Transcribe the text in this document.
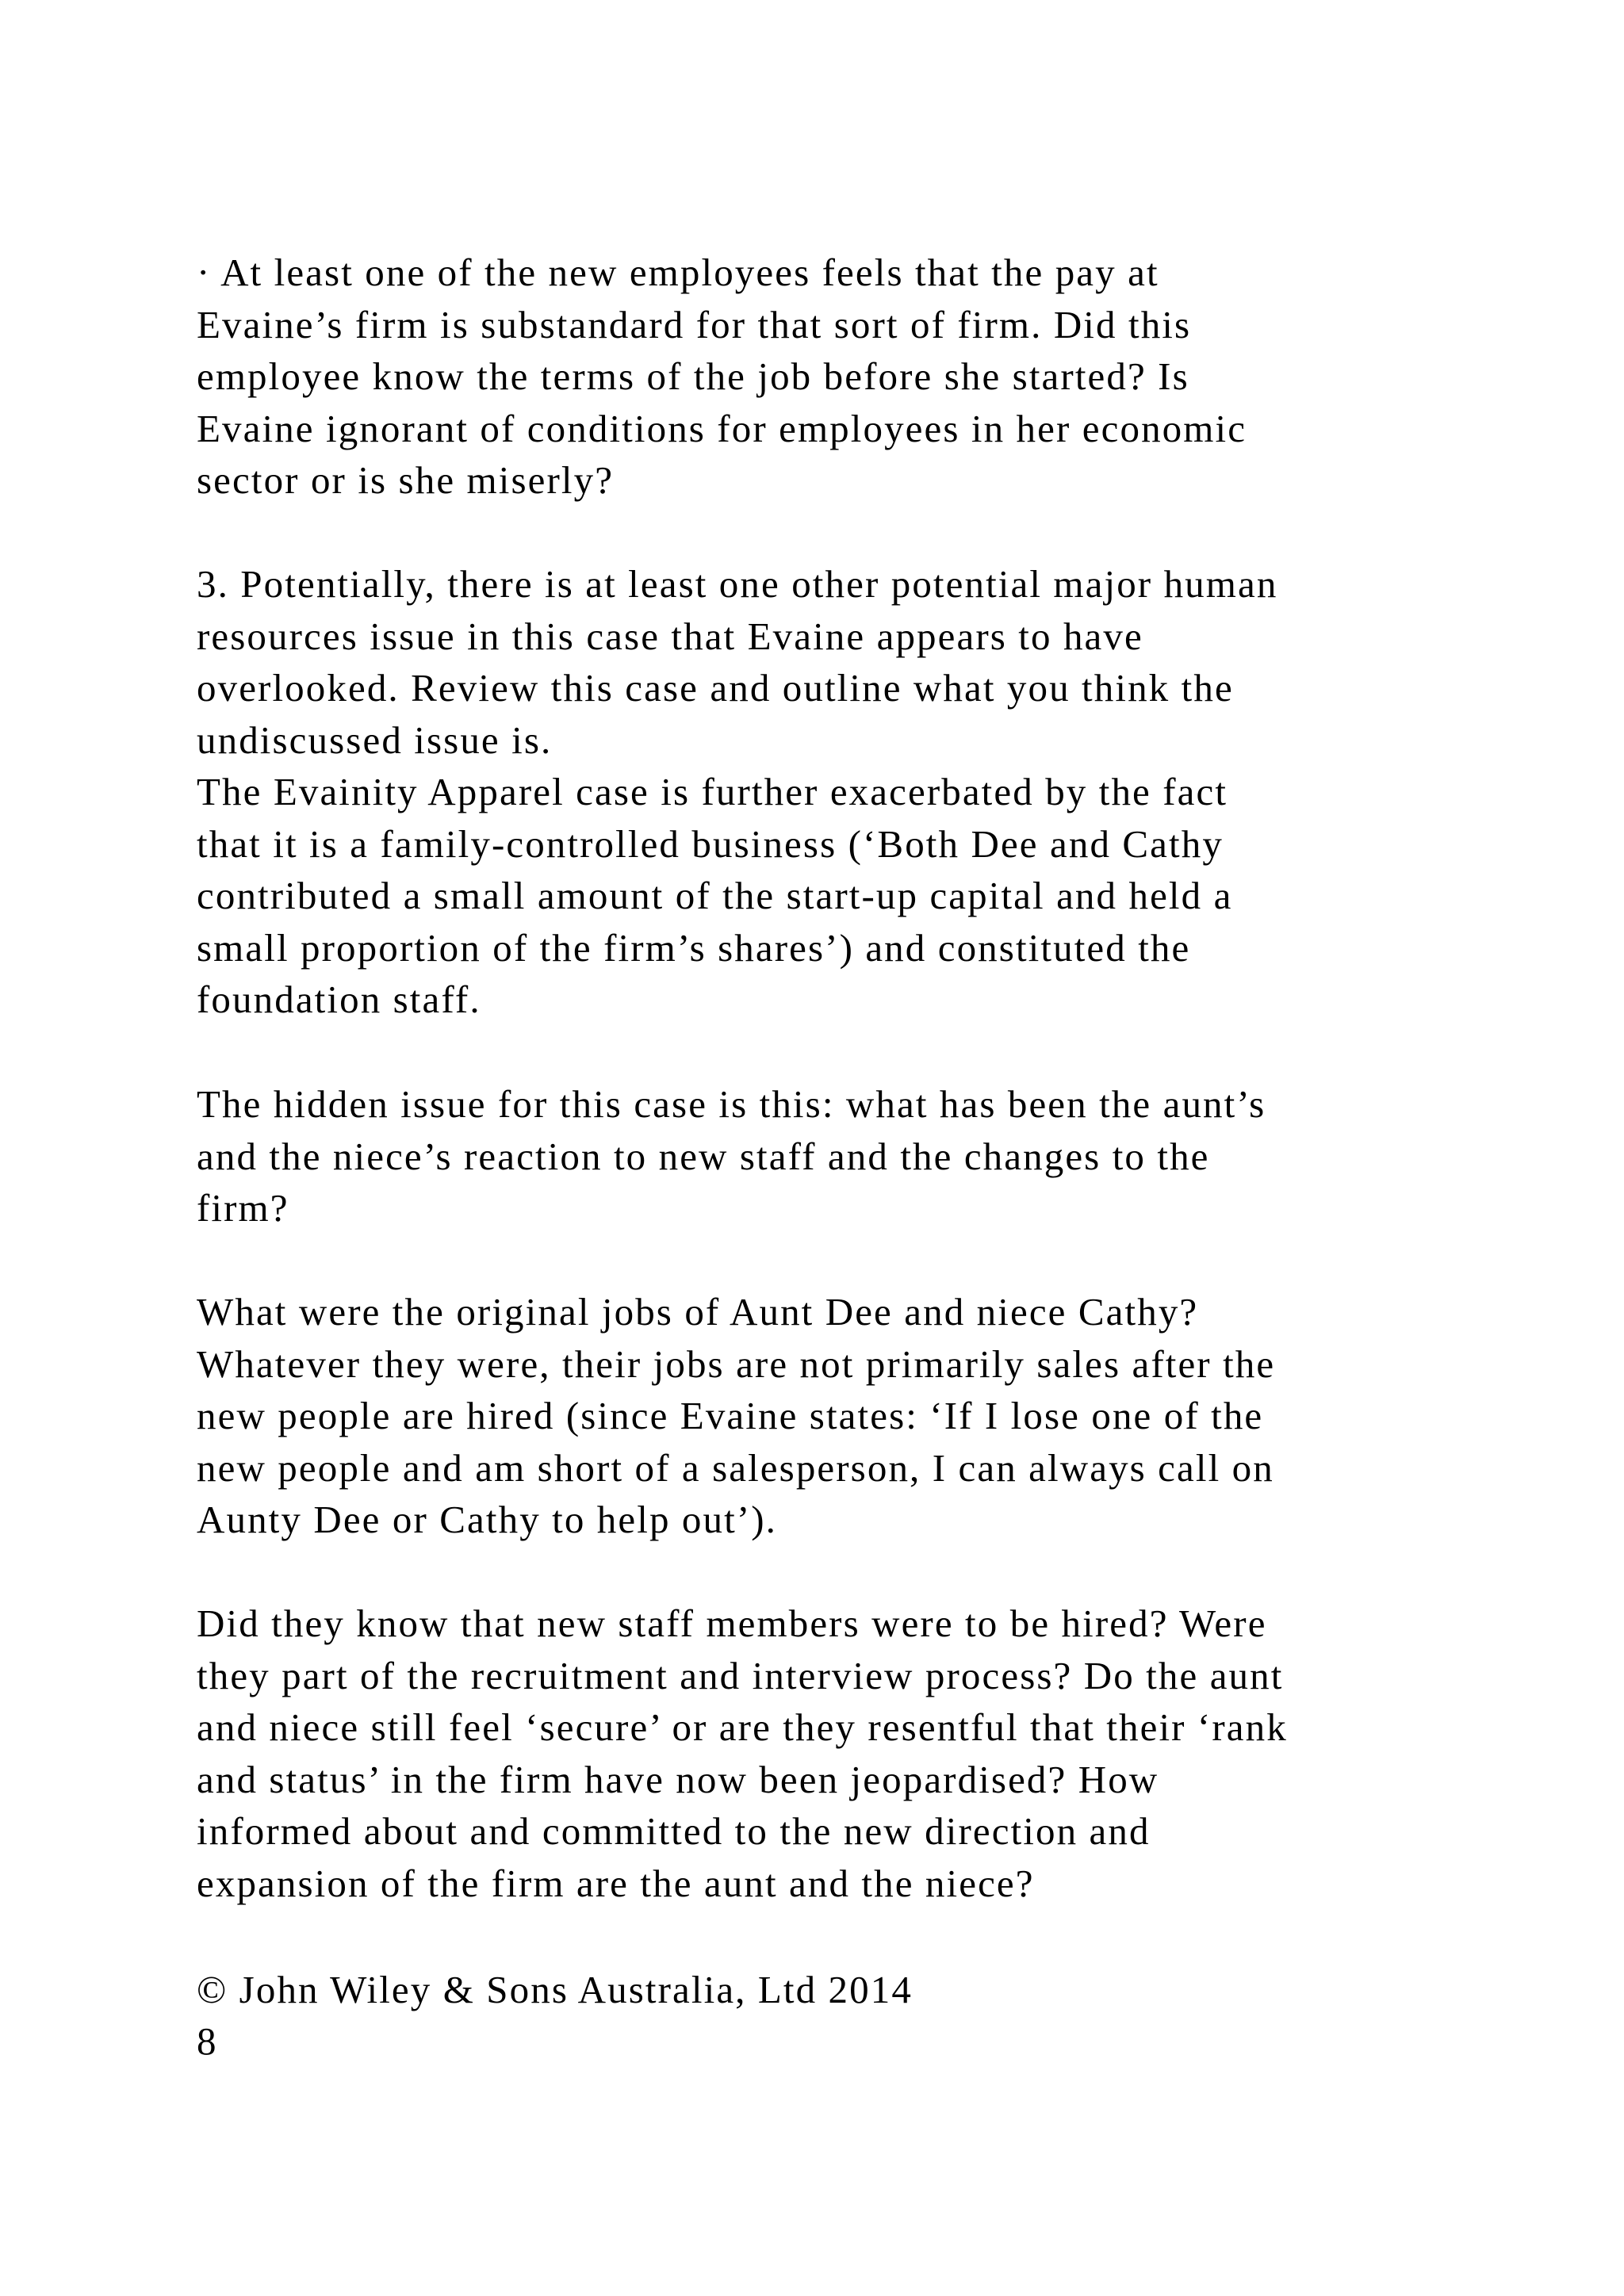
· At least one of the new employees feels that the pay at
Evaine’s firm is substandard for that sort of firm. Did this
employee know the terms of the job before she started? Is
Evaine ignorant of conditions for employees in her economic
sector or is she miserly?
3. Potentially, there is at least one other potential major human
resources issue in this case that Evaine appears to have
overlooked. Review this case and outline what you think the
undiscussed issue is.
The Evainity Apparel case is further exacerbated by the fact
that it is a family-controlled business (‘Both Dee and Cathy
contributed a small amount of the start-up capital and held a
small proportion of the firm’s shares’) and constituted the
foundation staff.
The hidden issue for this case is this: what has been the aunt’s
and the niece’s reaction to new staff and the changes to the
firm?
What were the original jobs of Aunt Dee and niece Cathy?
Whatever they were, their jobs are not primarily sales after the
new people are hired (since Evaine states: ‘If I lose one of the
new people and am short of a salesperson, I can always call on
Aunty Dee or Cathy to help out’).
Did they know that new staff members were to be hired? Were
they part of the recruitment and interview process? Do the aunt
and niece still feel ‘secure’ or are they resentful that their ‘rank
and status’ in the firm have now been jeopardised? How
informed about and committed to the new direction and
expansion of the firm are the aunt and the niece?
© John Wiley & Sons Australia, Ltd 2014
8
